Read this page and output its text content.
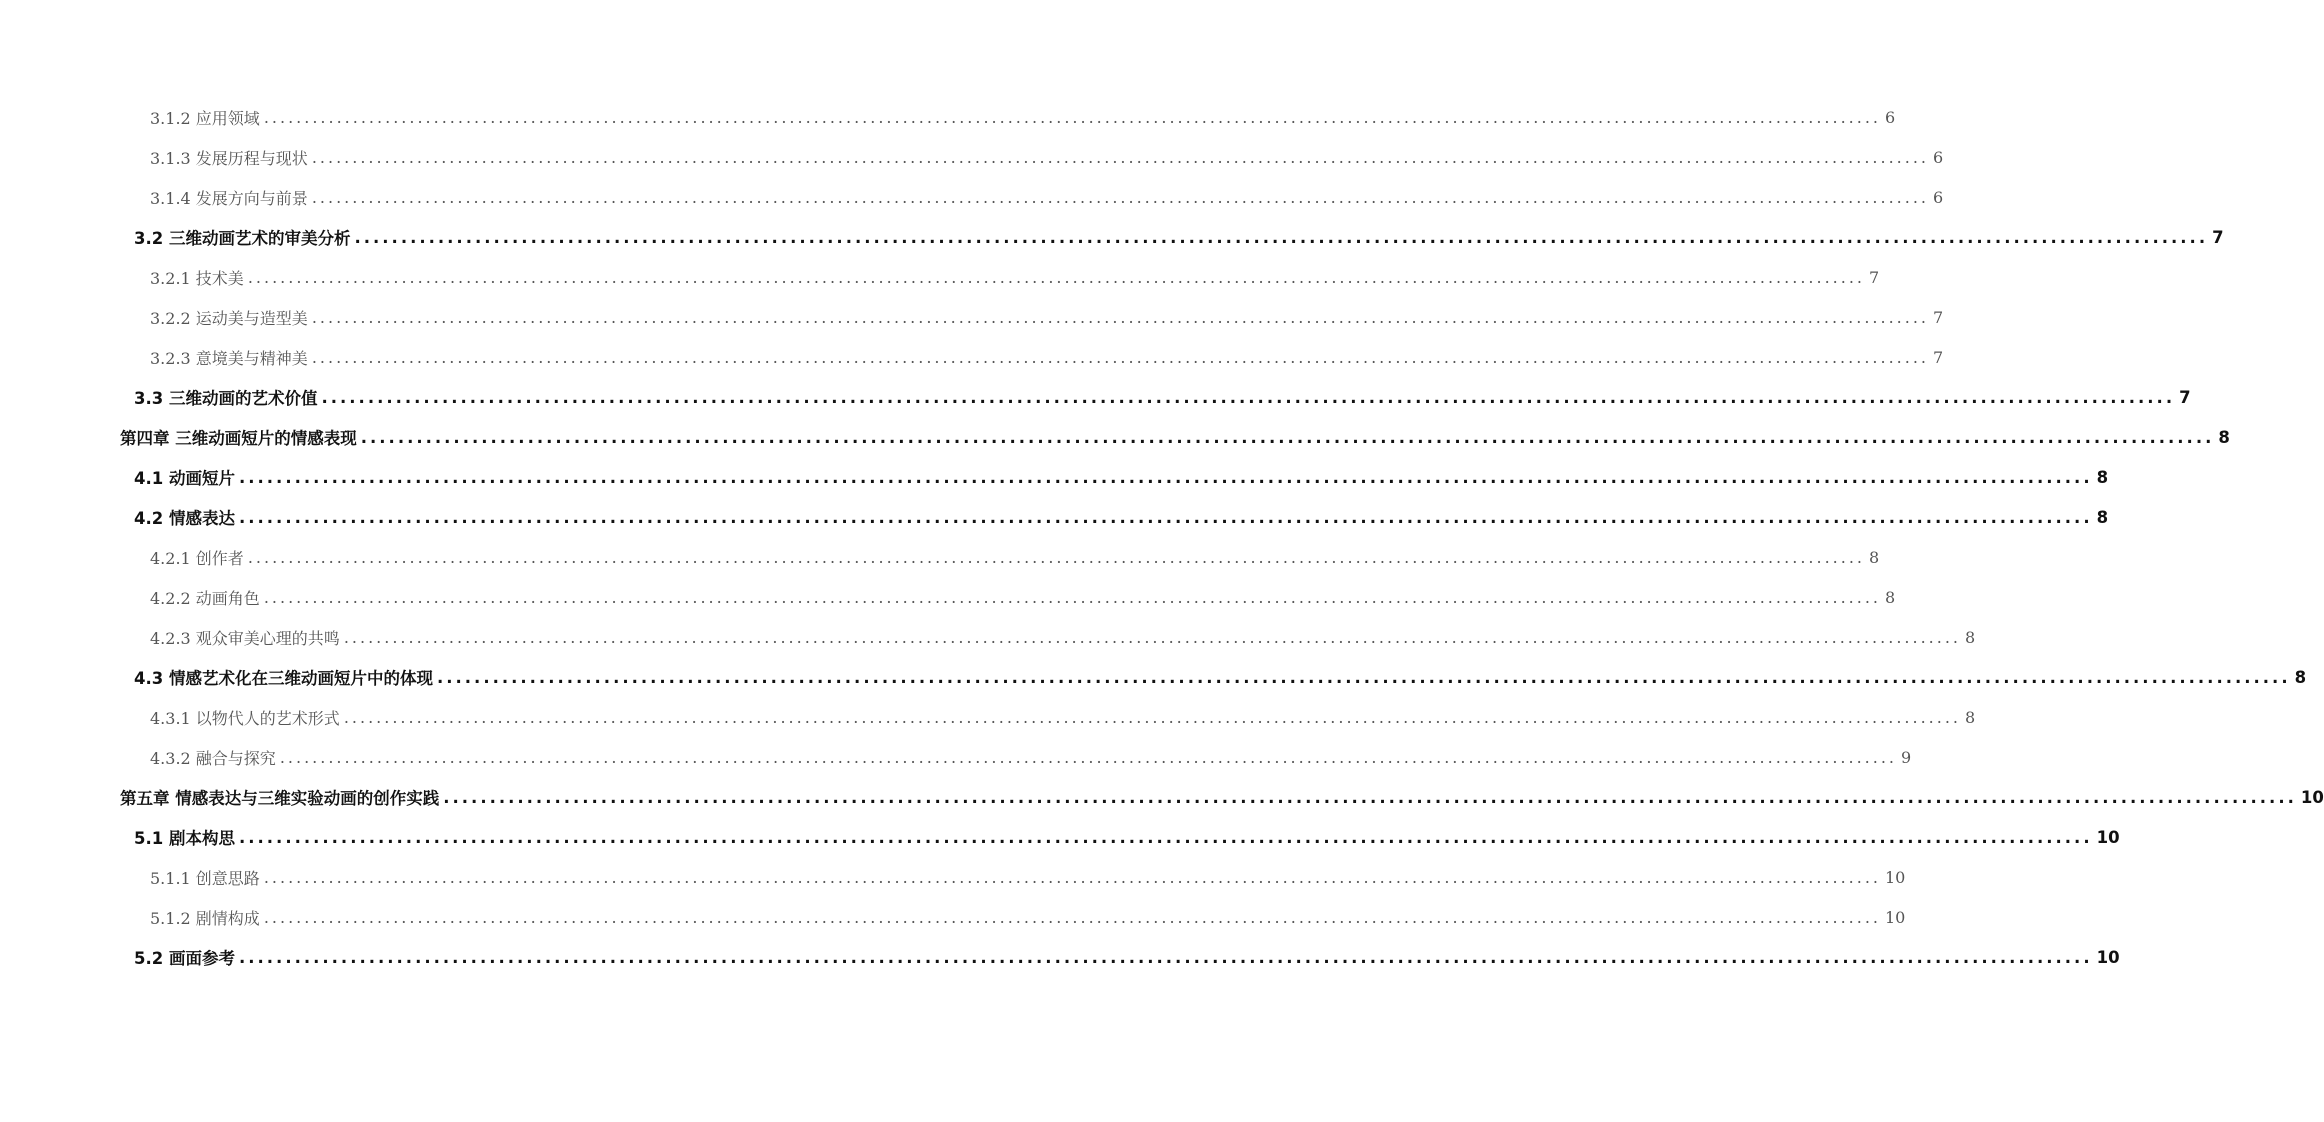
3.1.2 应用领域 ........................................................................................................................................................................................................ 6
3.1.3 发展历程与现状 ........................................................................................................................................................................................................ 6
3.1.4 发展方向与前景 ........................................................................................................................................................................................................ 6
3.2 三维动画艺术的审美分析 ........................................................................................................................................................................................................ 7
3.2.1 技术美 ........................................................................................................................................................................................................ 7
3.2.2 运动美与造型美 ........................................................................................................................................................................................................ 7
3.2.3 意境美与精神美 ........................................................................................................................................................................................................ 7
3.3 三维动画的艺术价值 ........................................................................................................................................................................................................ 7
第四章 三维动画短片的情感表现 ........................................................................................................................................................................................................ 8
4.1 动画短片 ........................................................................................................................................................................................................ 8
4.2 情感表达 ........................................................................................................................................................................................................ 8
4.2.1 创作者 ........................................................................................................................................................................................................ 8
4.2.2 动画角色 ........................................................................................................................................................................................................ 8
4.2.3 观众审美心理的共鸣 ........................................................................................................................................................................................................ 8
4.3 情感艺术化在三维动画短片中的体现 ........................................................................................................................................................................................................ 8
4.3.1 以物代人的艺术形式 ........................................................................................................................................................................................................ 8
4.3.2 融合与探究 ........................................................................................................................................................................................................ 9
第五章 情感表达与三维实验动画的创作实践 ........................................................................................................................................................................................................ 10
5.1 剧本构思 ........................................................................................................................................................................................................ 10
5.1.1 创意思路 ........................................................................................................................................................................................................ 10
5.1.2 剧情构成 ........................................................................................................................................................................................................ 10
5.2 画面参考 ........................................................................................................................................................................................................ 10
